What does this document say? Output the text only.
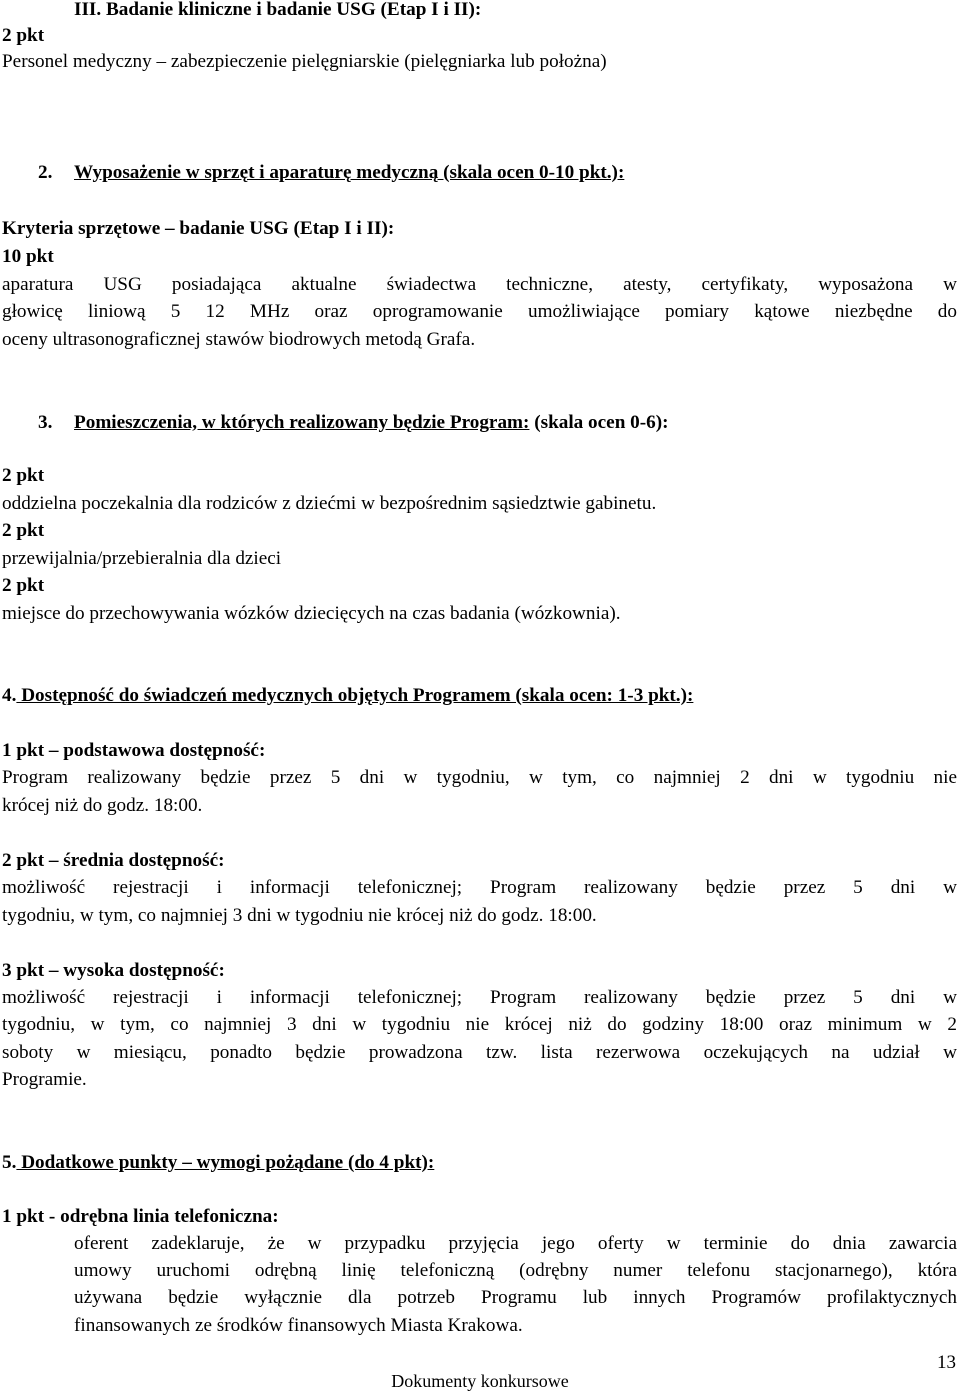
III. Badanie kliniczne i badanie USG (Etap I i II):
2 pkt
Personel medyczny – zabezpieczenie pielęgniarskie (pielęgniarka lub położna)
2. Wyposażenie w sprzęt i aparaturę medyczną (skala ocen 0-10 pkt.):
Kryteria sprzętowe – badanie USG (Etap I i II):
10 pkt
aparatura USG posiadająca aktualne świadectwa techniczne, atesty, certyfikaty, wyposażona w
głowicę liniową 5 12 MHz oraz oprogramowanie umożliwiające pomiary kątowe niezbędne do
oceny ultrasonograficznej stawów biodrowych metodą Grafa.
3. Pomieszczenia, w których realizowany będzie Program: (skala ocen 0-6):
2 pkt
oddzielna poczekalnia dla rodziców z dziećmi w bezpośrednim sąsiedztwie gabinetu.
2 pkt
przewijalnia/przebieralnia dla dzieci
2 pkt
miejsce do przechowywania wózków dziecięcych na czas badania (wózkownia).
4. Dostępność do świadczeń medycznych objętych Programem (skala ocen: 1-3 pkt.):
1 pkt – podstawowa dostępność:
Program realizowany będzie przez 5 dni w tygodniu, w tym, co najmniej 2 dni w tygodniu nie
krócej niż do godz. 18:00.
2 pkt – średnia dostępność:
możliwość rejestracji i informacji telefonicznej; Program realizowany będzie przez 5 dni w
tygodniu, w tym, co najmniej 3 dni w tygodniu nie krócej niż do godz. 18:00.
3 pkt – wysoka dostępność:
możliwość rejestracji i informacji telefonicznej; Program realizowany będzie przez 5 dni w
tygodniu, w tym, co najmniej 3 dni w tygodniu nie krócej niż do godziny 18:00 oraz minimum w 2
soboty w miesiącu, ponadto będzie prowadzona tzw. lista rezerwowa oczekujących na udział w
Programie.
5. Dodatkowe punkty – wymogi pożądane (do 4 pkt):
1 pkt - odrębna linia telefoniczna:
oferent zadeklaruje, że w przypadku przyjęcia jego oferty w terminie do dnia zawarcia
umowy uruchomi odrębną linię telefoniczną (odrębny numer telefonu stacjonarnego), która
używana będzie wyłącznie dla potrzeb Programu lub innych Programów profilaktycznych
finansowanych ze środków finansowych Miasta Krakowa.
13
Dokumenty konkursowe
